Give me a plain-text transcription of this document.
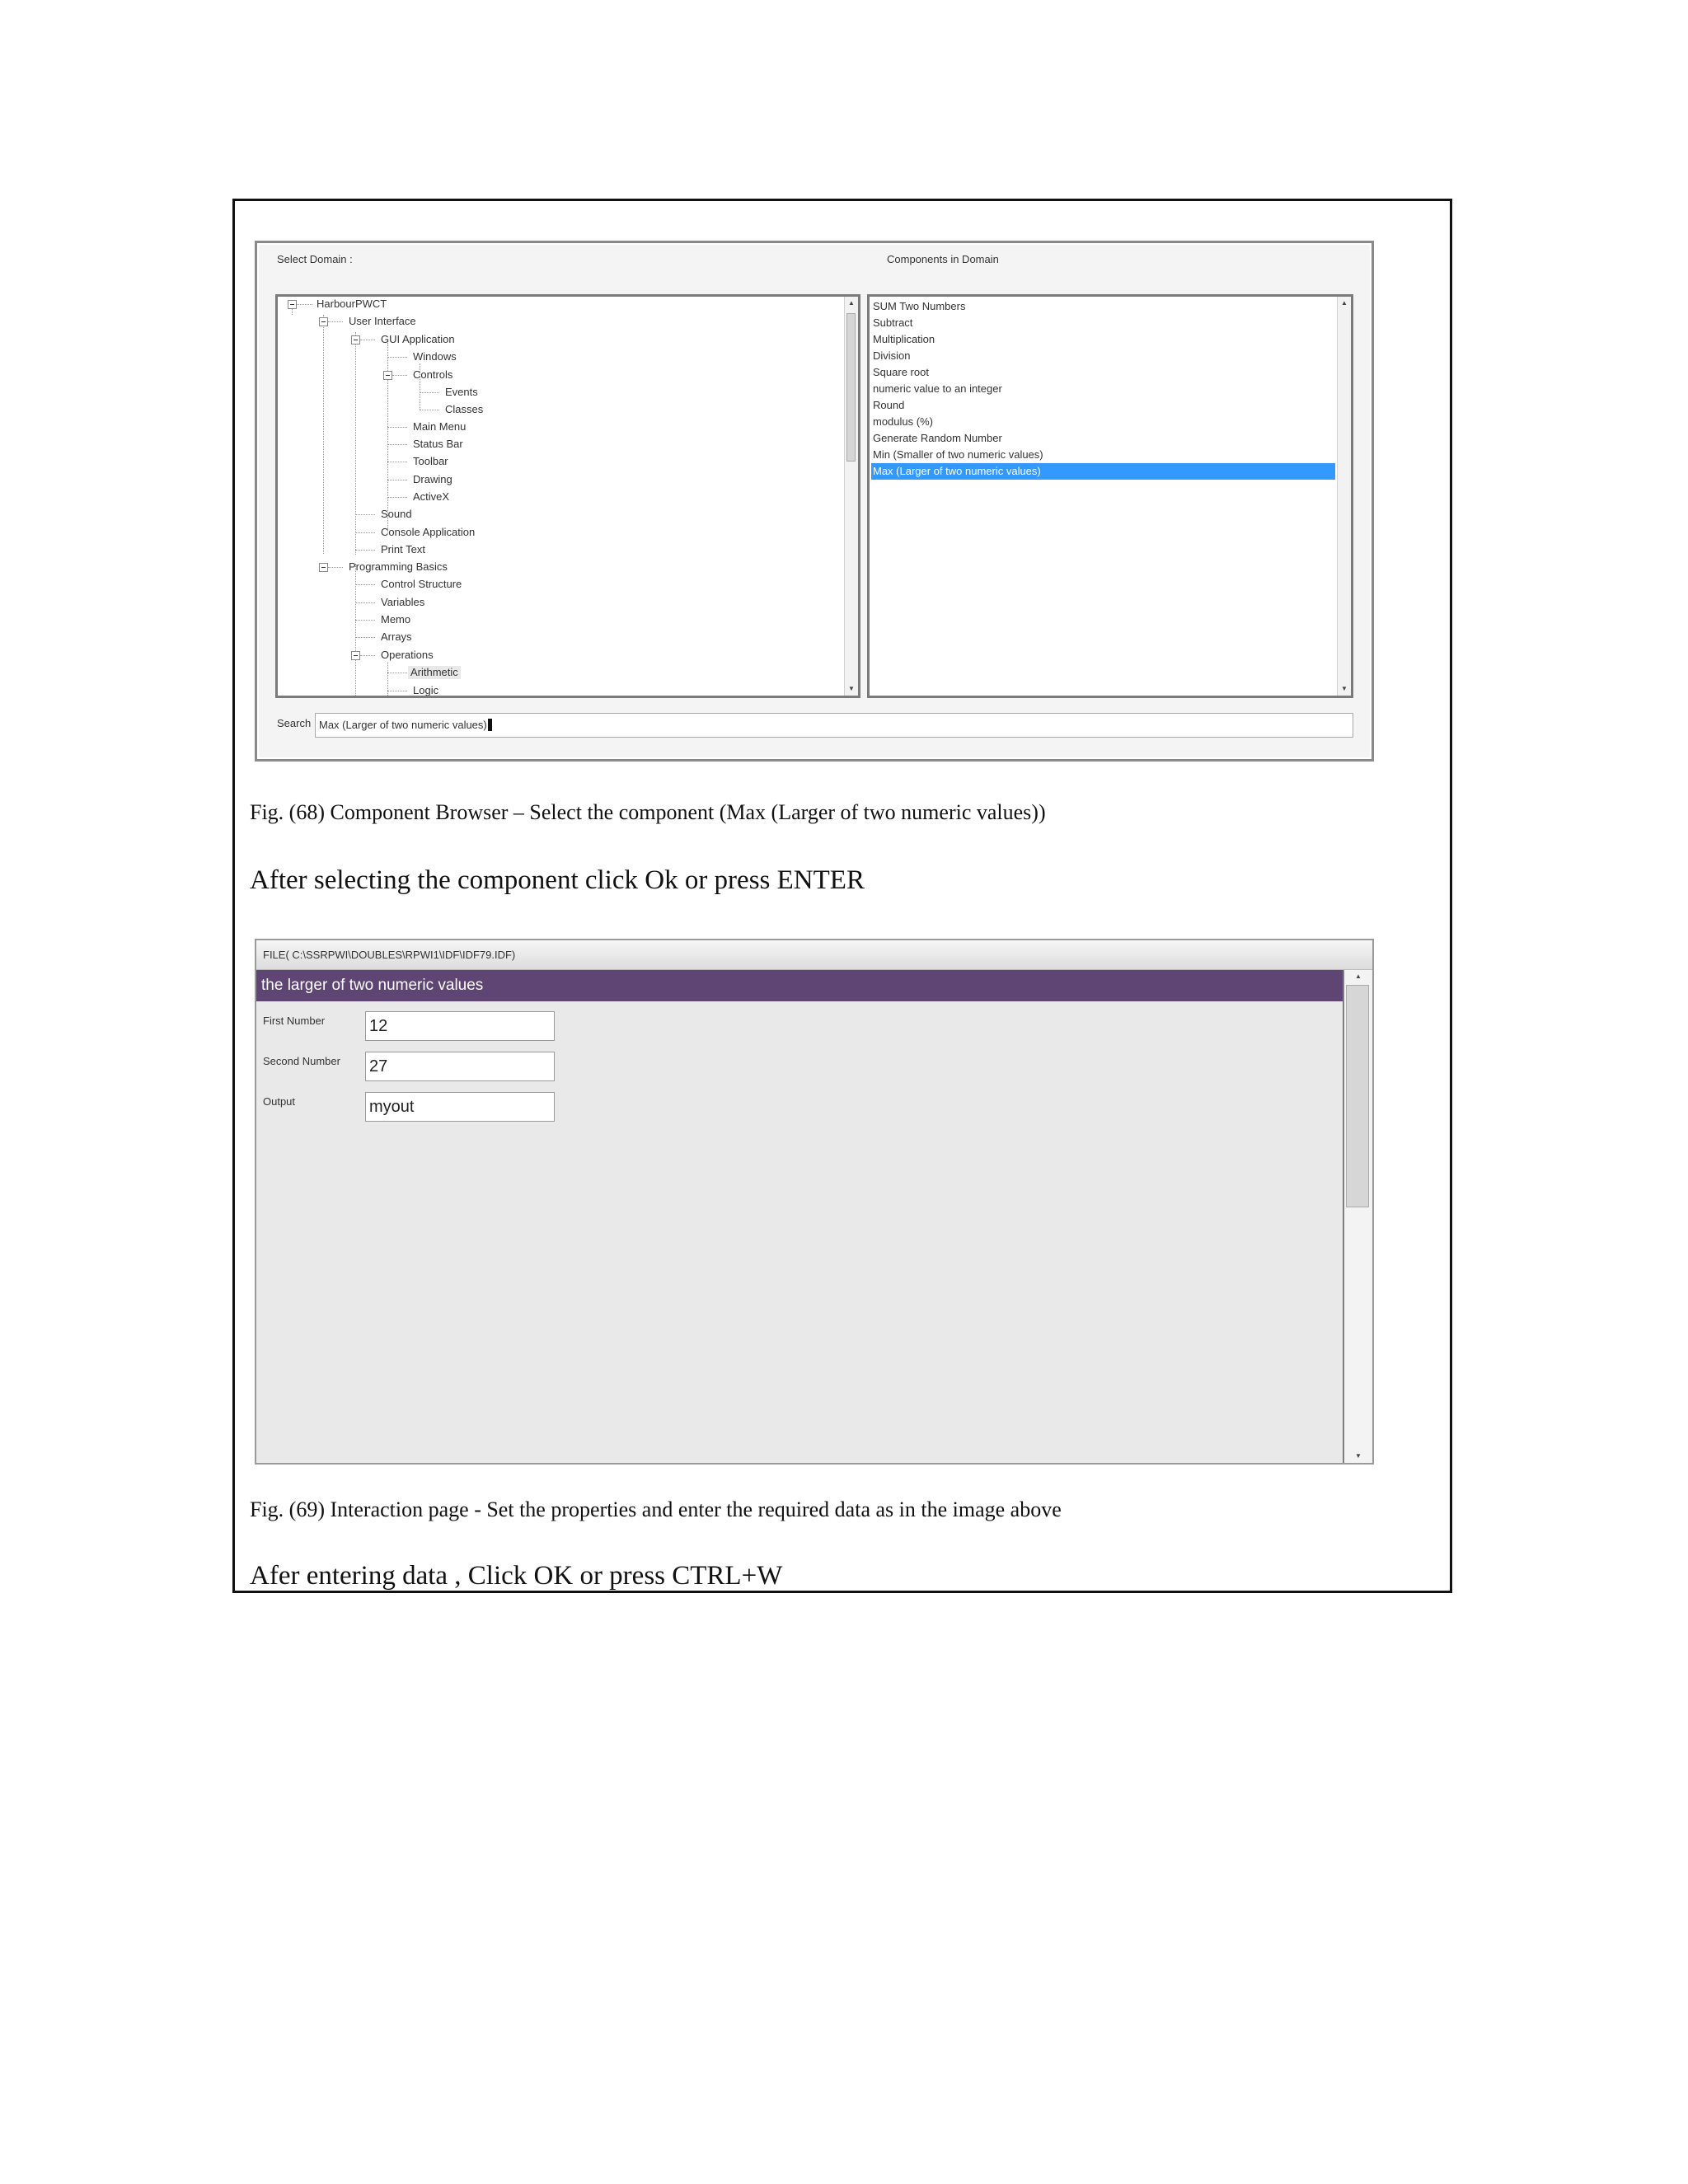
Select Domain :	Components in Domain
HarbourPWCT
User Interface
GUI Application
Windows
Controls
Events
Classes
Main Menu
Status Bar
Toolbar
Drawing
ActiveX
Sound
Console Application
Print Text
Programming Basics
Control Structure
Variables
Memo
Arrays
Operations
Arithmetic
Logic
▲
▼
SUM Two Numbers
Subtract
Multiplication
Division
Square root
numeric value to an integer
Round
modulus (%)
Generate Random Number
Min (Smaller of two numeric values)
Max (Larger of two numeric values)
▲
▼
Search Max (Larger of two numeric values)
Fig. (68) Component Browser – Select the component (Max (Larger of two numeric values))
After selecting the component click Ok or press ENTER
FILE( C:\SSRPWI\DOUBLES\RPWI1\IDF\IDF79.IDF)
the larger of two numeric values
First Number
12
Second Number
27
Output
myout
▲
▼
Fig. (69) Interaction page - Set the properties and enter the required data as in the image above
Afer entering data , Click OK or press CTRL+W
